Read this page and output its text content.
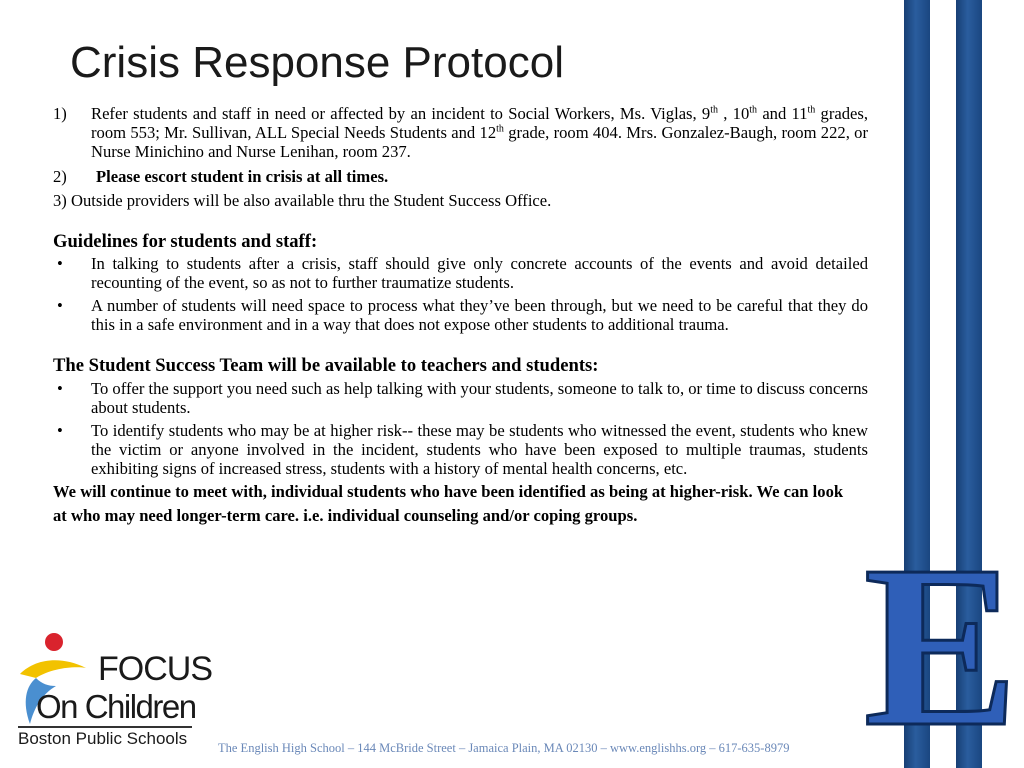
E
Crisis Response Protocol

1) Refer students and staff in need or affected by an incident to Social Workers, Ms. Viglas, 9th , 10th and 11th grades, room 553; Mr. Sullivan, ALL Special Needs Students and 12th grade, room 404. Mrs. Gonzalez-Baugh, room 222, or Nurse Minichino and Nurse Lenihan, room 237.

2) Please escort student in crisis at all times.

3) Outside providers will be also available thru the Student Success Office.

Guidelines for students and staff:

• In talking to students after a crisis, staff should give only concrete accounts of the events and avoid detailed recounting of the event, so as not to further traumatize students.

• A number of students will need space to process what they’ve been through, but we need to be careful that they do this in a safe environment and in a way that does not expose other students to additional trauma.

The Student Success Team will be available to teachers and students:

• To offer the support you need such as help talking with your students, someone to talk to, or time to discuss concerns about students.

• To identify students who may be at higher risk-- these may be students who witnessed the event, students who knew the victim or anyone involved in the incident, students who have been exposed to multiple traumas, students exhibiting signs of increased stress, students with a history of mental health concerns, etc.

We will continue to meet with, individual students who have been identified as being at higher-risk. We can look at who may need longer-term care. i.e. individual counseling and/or coping groups.

FOCUS
On Children
Boston Public Schools The English High School – 144 McBride Street – Jamaica Plain, MA 02130 – www.englishhs.org – 617-635-8979
